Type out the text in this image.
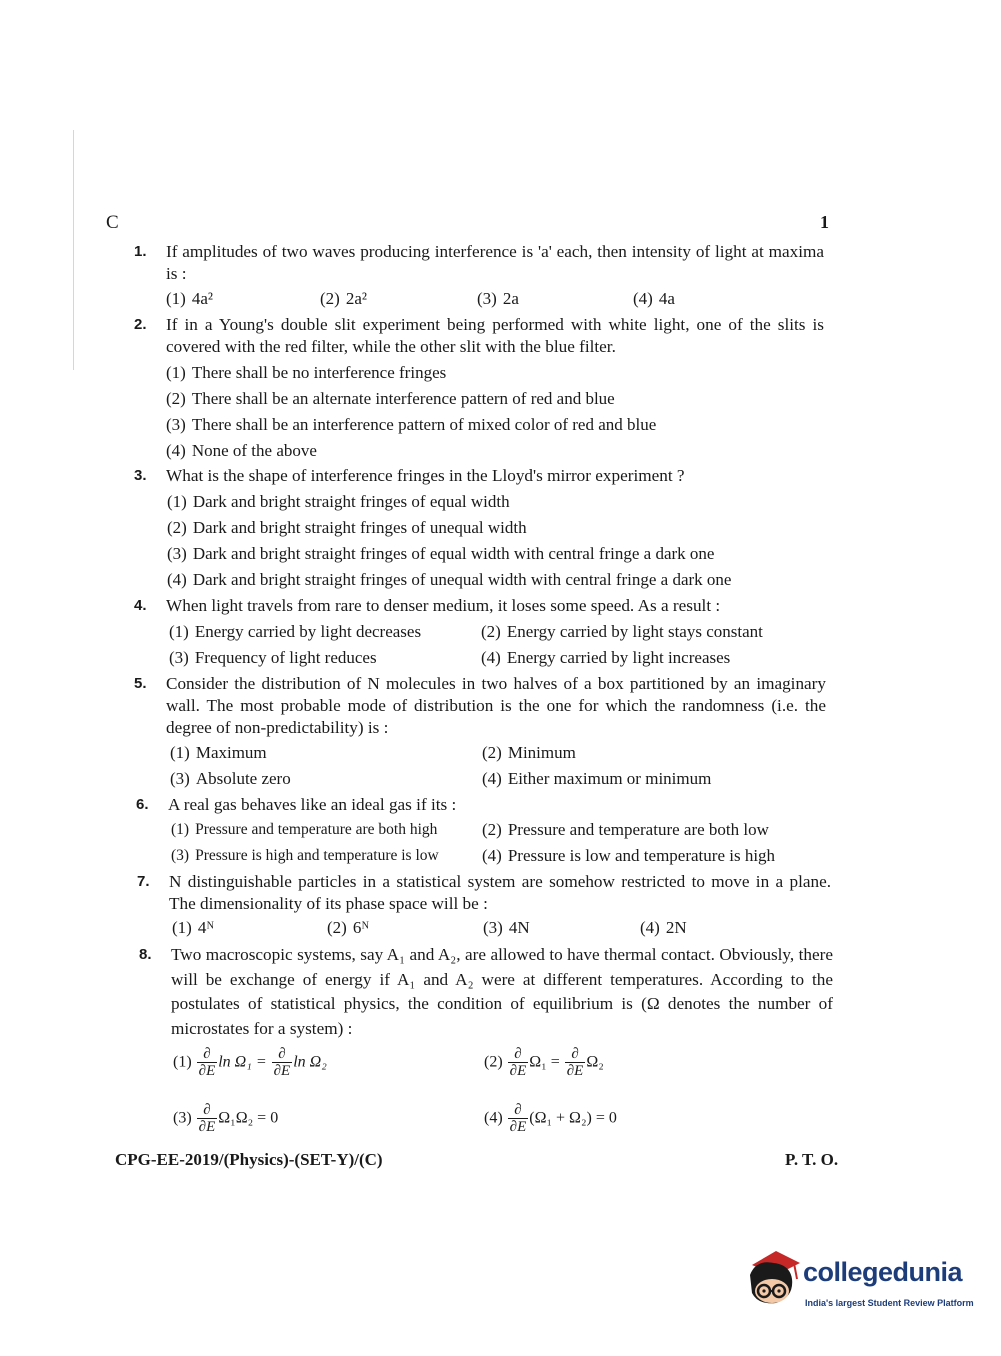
C	1
1. If amplitudes of two waves producing interference is 'a' each, then intensity of light at maxima is :
(1) 4a²	(2) 2a²	(3) 2a	(4) 4a
2. If in a Young's double slit experiment being performed with white light, one of the slits is covered with the red filter, while the other slit with the blue filter.
(1) There shall be no interference fringes
(2) There shall be an alternate interference pattern of red and blue
(3) There shall be an interference pattern of mixed color of red and blue
(4) None of the above
3. What is the shape of interference fringes in the Lloyd's mirror experiment ?
(1) Dark and bright straight fringes of equal width
(2) Dark and bright straight fringes of unequal width
(3) Dark and bright straight fringes of equal width with central fringe a dark one
(4) Dark and bright straight fringes of unequal width with central fringe a dark one
4. When light travels from rare to denser medium, it loses some speed. As a result :
(1) Energy carried by light decreases	(2) Energy carried by light stays constant
(3) Frequency of light reduces	(4) Energy carried by light increases
5. Consider the distribution of N molecules in two halves of a box partitioned by an imaginary wall. The most probable mode of distribution is the one for which the randomness (i.e. the degree of non-predictability) is :
(1) Maximum	(2) Minimum
(3) Absolute zero	(4) Either maximum or minimum
6. A real gas behaves like an ideal gas if its :
(1) Pressure and temperature are both high	(2) Pressure and temperature are both low
(3) Pressure is high and temperature is low	(4) Pressure is low and temperature is high
7. N distinguishable particles in a statistical system are somehow restricted to move in a plane. The dimensionality of its phase space will be :
(1) 4ᴺ	(2) 6ᴺ	(3) 4N	(4) 2N
8. Two macroscopic systems, say A₁ and A₂, are allowed to have thermal contact. Obviously, there will be exchange of energy if A₁ and A₂ were at different temperatures. According to the postulates of statistical physics, the condition of equilibrium is (Ω denotes the number of microstates for a system) :
$(1) \frac{\partial}{\partial E}$ $\ln \Omega_1 = \frac{\partial}{\partial E}$ ln Ω₂	$(2) \frac{\partial}{\partial E} \Omega_1 = \frac{\partial}{\partial E} \Omega_2$
$(3) \frac{\partial}{\partial E} \Omega_1\Omega_2 = 0$	$(4) \frac{\partial}{\partial E} (\Omega_1 + \Omega_2) = 0$
CPG-EE-2019/(Physics)-(SET-Y)/(C)	P. T. O.
collegedunia
India's largest Student Review Platform
